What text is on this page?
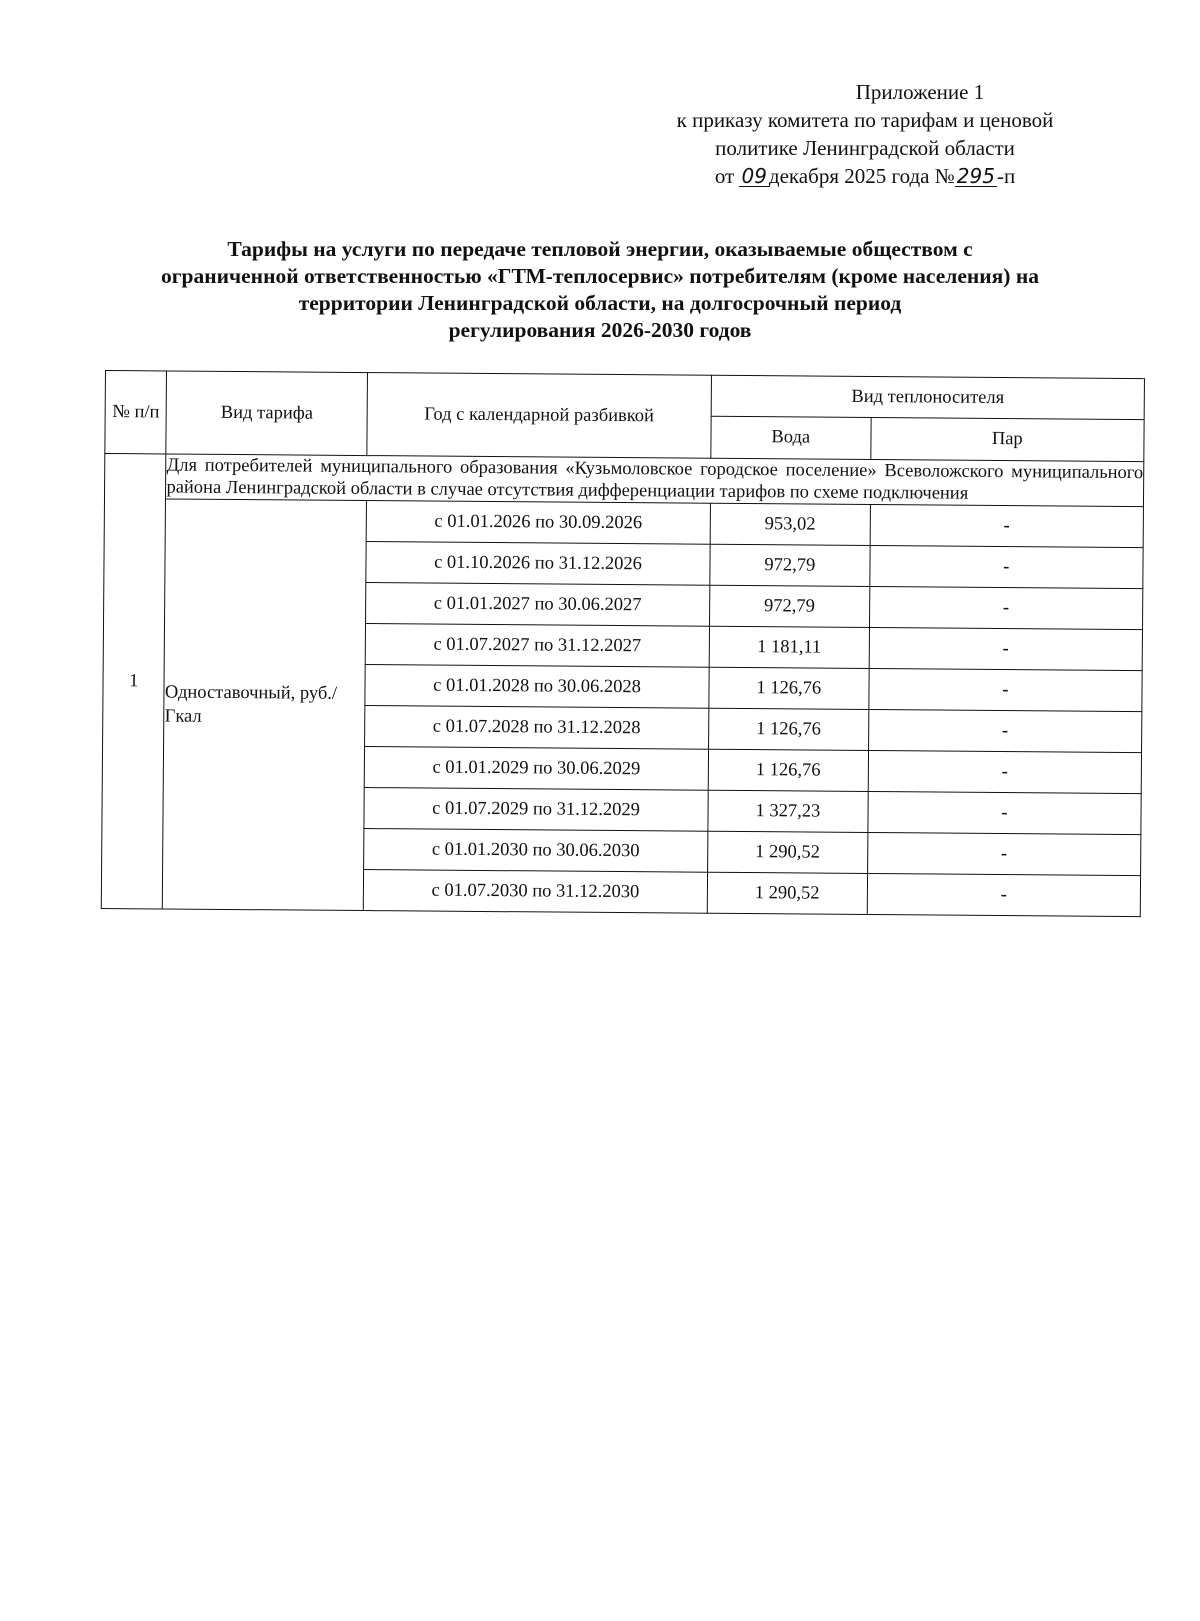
Приложение 1
к приказу комитета по тарифам и ценовой
политике Ленинградской области
от 09декабря 2025 года № 295-п
Тарифы на услуги по передаче тепловой энергии, оказываемые обществом с
ограниченной ответственностью «ГТМ-теплосервис» потребителям (кроме населения) на
территории Ленинградской области, на долгосрочный период
регулирования 2026-2030 годов
№ п/п	Вид тарифа	Год с календарной разбивкой	Вид теплоносителя	
			Вода	Пар
1	Для потребителей муниципального образования «Кузьмоловское городское поселение» Всеволожского муниципального района Ленинградской области в случае отсутствия дифференциации тарифов по схеме подключения			
	Одноставочный, руб./Гкал	с 01.01.2026 по 30.09.2026	953,02	-
		с 01.10.2026 по 31.12.2026	972,79	-
		с 01.01.2027 по 30.06.2027	972,79	-
		с 01.07.2027 по 31.12.2027	1 181,11	-
		с 01.01.2028 по 30.06.2028	1 126,76	-
		с 01.07.2028 по 31.12.2028	1 126,76	-
		с 01.01.2029 по 30.06.2029	1 126,76	-
		с 01.07.2029 по 31.12.2029	1 327,23	-
		с 01.01.2030 по 30.06.2030	1 290,52	-
		с 01.07.2030 по 31.12.2030	1 290,52	-
